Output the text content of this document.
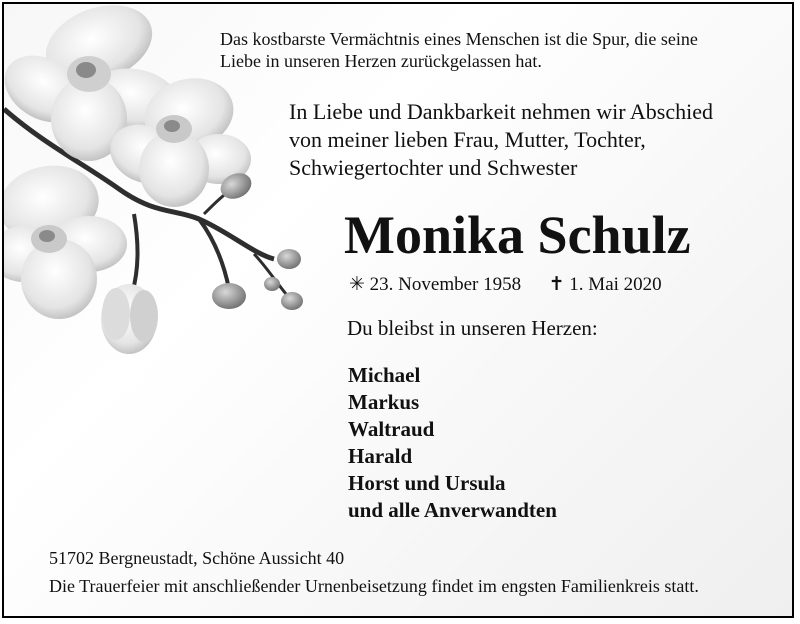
Das kostbarste Vermächtnis eines Menschen ist die Spur, die seine
Liebe in unseren Herzen zurückgelassen hat.
In Liebe und Dankbarkeit nehmen wir Abschied
von meiner lieben Frau, Mutter, Tochter,
Schwiegertochter und Schwester
Monika Schulz
✳ 23. November 1958 ✝ 1. Mai 2020
Du bleibst in unseren Herzen:
Michael
Markus
Waltraud
Harald
Horst und Ursula
und alle Anverwandten
51702 Bergneustadt, Schöne Aussicht 40
Die Trauerfeier mit anschließender Urnenbeisetzung findet im engsten Familienkreis statt.
